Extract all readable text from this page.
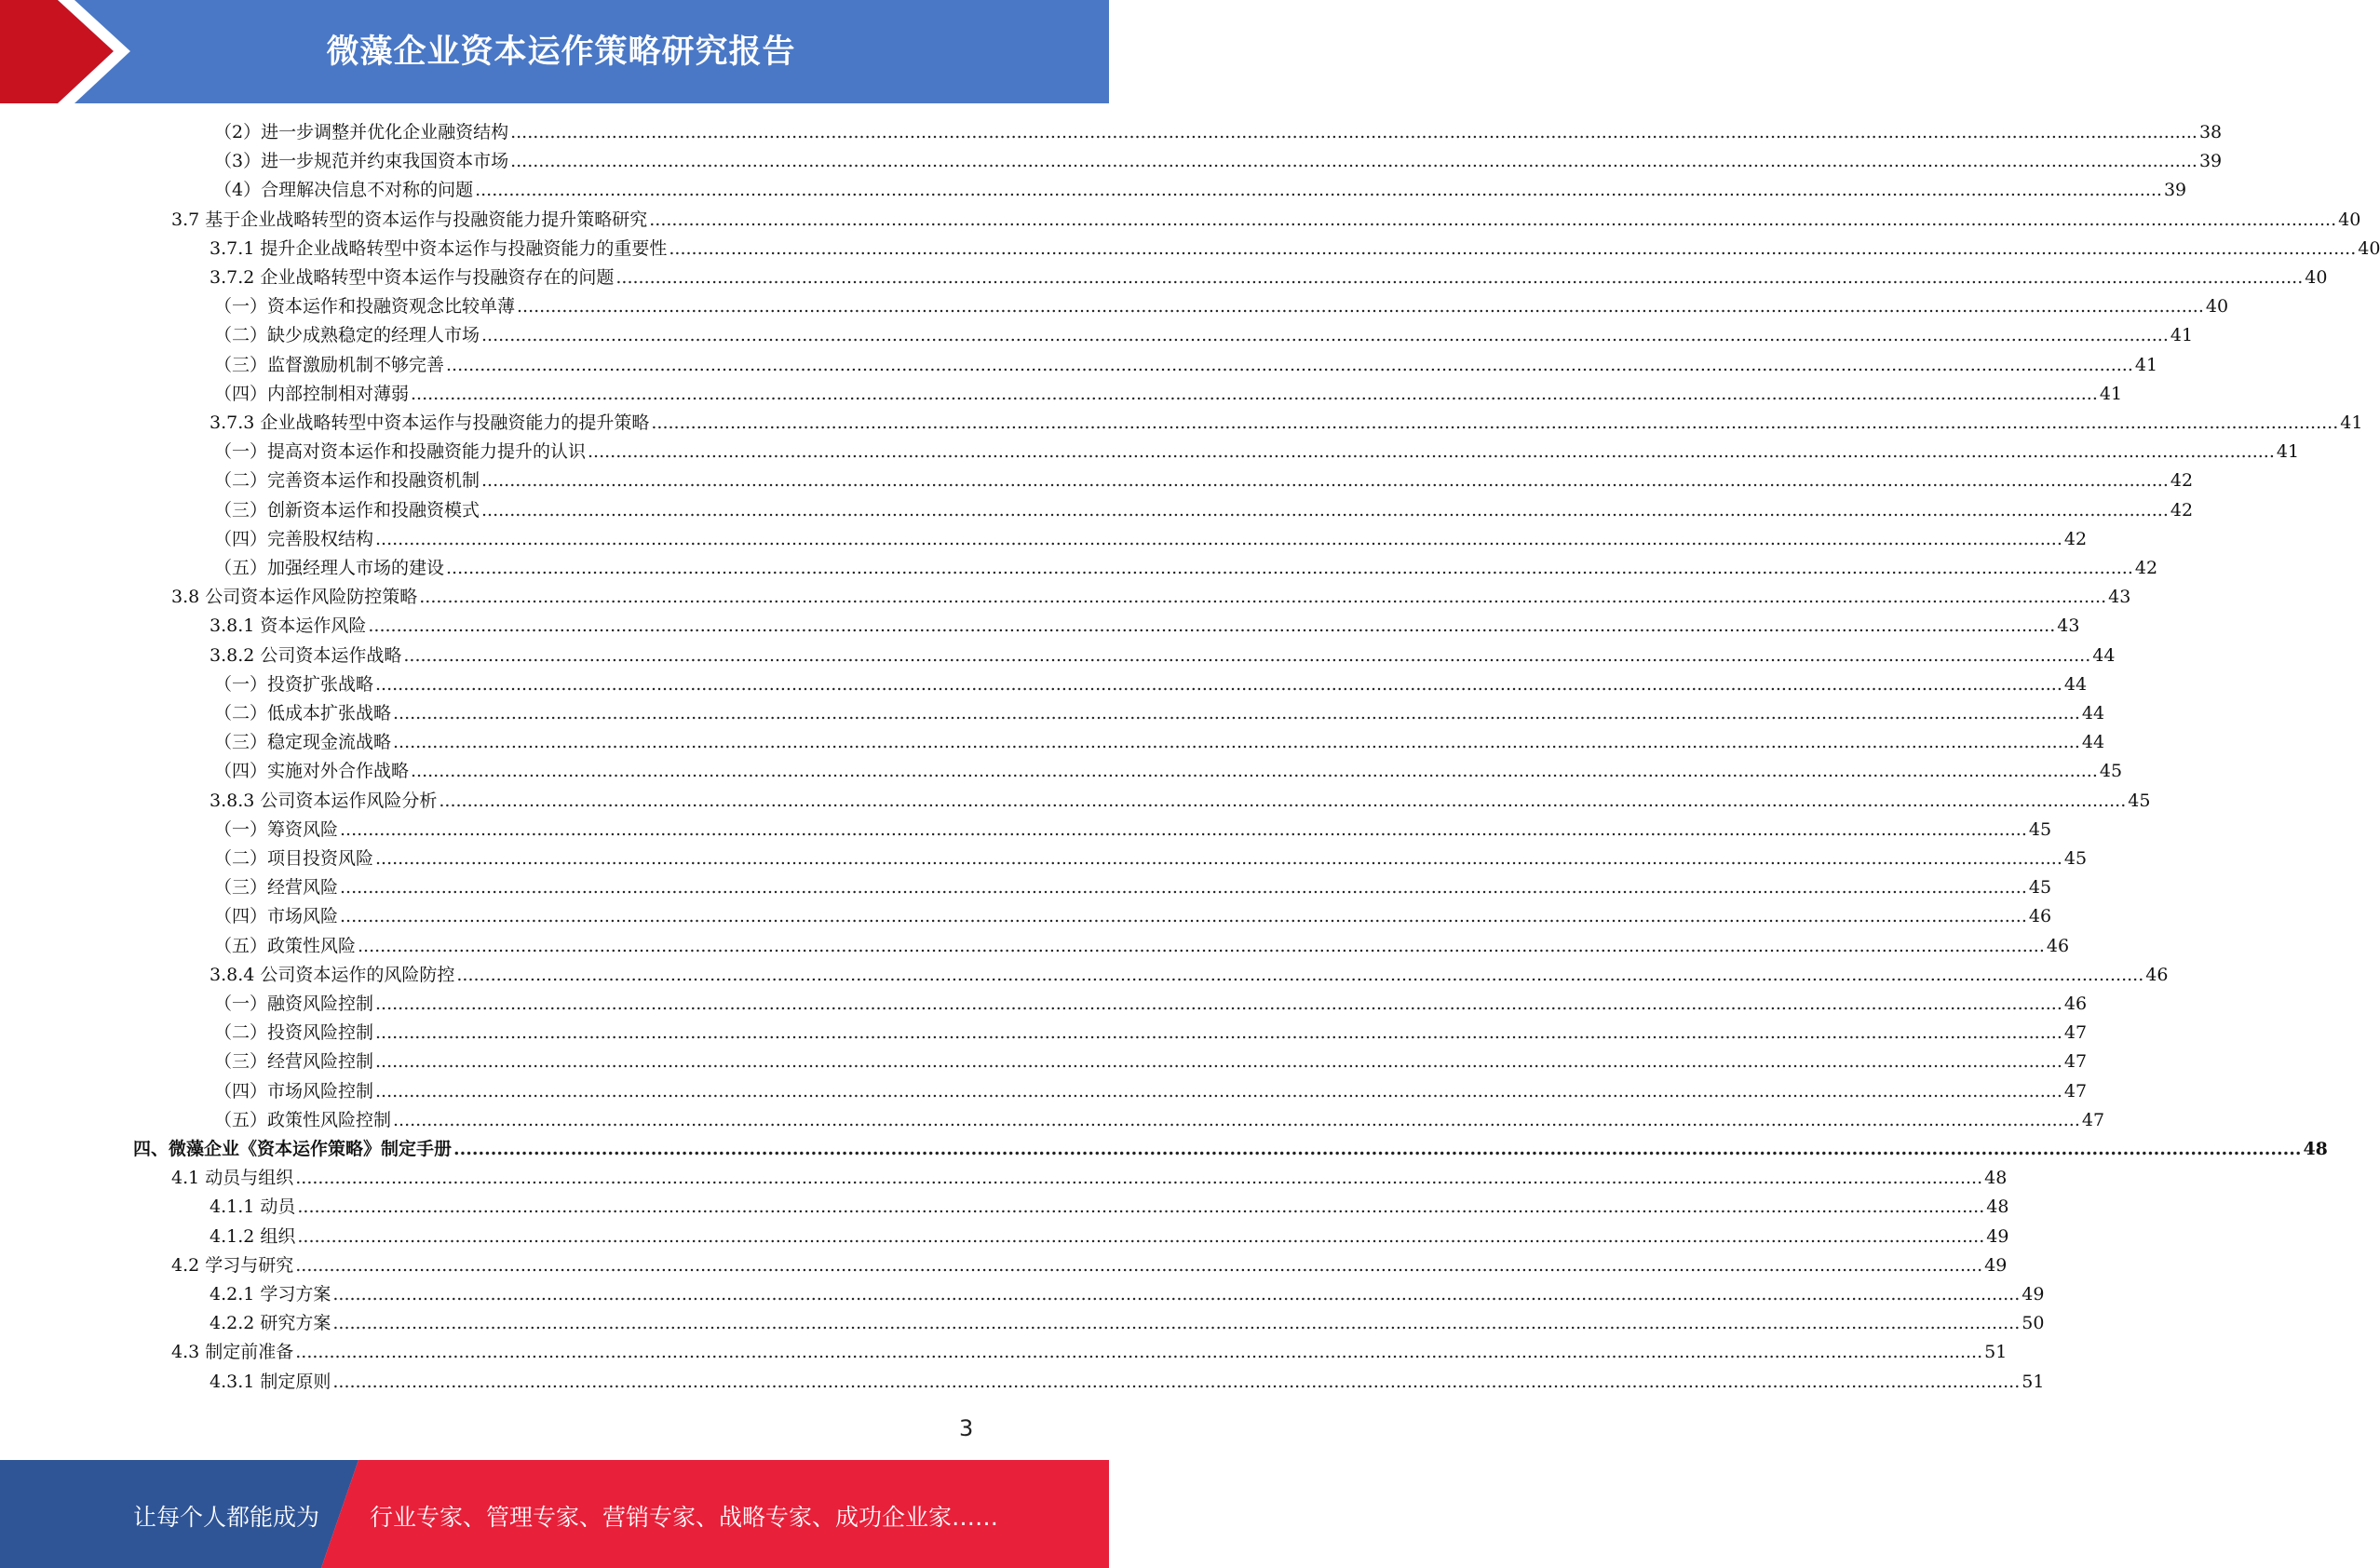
微藻企业资本运作策略研究报告
（2）进一步调整并优化企业融资结构 ............................................................................................................................................................................................................................................................................................................ 38
（3）进一步规范并约束我国资本市场 ............................................................................................................................................................................................................................................................................................................ 39
（4）合理解决信息不对称的问题 ............................................................................................................................................................................................................................................................................................................ 39
3.7 基于企业战略转型的资本运作与投融资能力提升策略研究 ............................................................................................................................................................................................................................................................................................................ 40
3.7.1 提升企业战略转型中资本运作与投融资能力的重要性 ............................................................................................................................................................................................................................................................................................................ 40
3.7.2 企业战略转型中资本运作与投融资存在的问题 ............................................................................................................................................................................................................................................................................................................ 40
（一）资本运作和投融资观念比较单薄 ............................................................................................................................................................................................................................................................................................................ 40
（二）缺少成熟稳定的经理人市场 ............................................................................................................................................................................................................................................................................................................ 41
（三）监督激励机制不够完善 ............................................................................................................................................................................................................................................................................................................ 41
（四）内部控制相对薄弱 ............................................................................................................................................................................................................................................................................................................ 41
3.7.3 企业战略转型中资本运作与投融资能力的提升策略 ............................................................................................................................................................................................................................................................................................................ 41
（一）提高对资本运作和投融资能力提升的认识 ............................................................................................................................................................................................................................................................................................................ 41
（二）完善资本运作和投融资机制 ............................................................................................................................................................................................................................................................................................................ 42
（三）创新资本运作和投融资模式 ............................................................................................................................................................................................................................................................................................................ 42
（四）完善股权结构 ............................................................................................................................................................................................................................................................................................................ 42
（五）加强经理人市场的建设 ............................................................................................................................................................................................................................................................................................................ 42
3.8 公司资本运作风险防控策略 ............................................................................................................................................................................................................................................................................................................ 43
3.8.1 资本运作风险 ............................................................................................................................................................................................................................................................................................................ 43
3.8.2 公司资本运作战略 ............................................................................................................................................................................................................................................................................................................ 44
（一）投资扩张战略 ............................................................................................................................................................................................................................................................................................................ 44
（二）低成本扩张战略 ............................................................................................................................................................................................................................................................................................................ 44
（三）稳定现金流战略 ............................................................................................................................................................................................................................................................................................................ 44
（四）实施对外合作战略 ............................................................................................................................................................................................................................................................................................................ 45
3.8.3 公司资本运作风险分析 ............................................................................................................................................................................................................................................................................................................ 45
（一）筹资风险 ............................................................................................................................................................................................................................................................................................................ 45
（二）项目投资风险 ............................................................................................................................................................................................................................................................................................................ 45
（三）经营风险 ............................................................................................................................................................................................................................................................................................................ 45
（四）市场风险 ............................................................................................................................................................................................................................................................................................................ 46
（五）政策性风险 ............................................................................................................................................................................................................................................................................................................ 46
3.8.4 公司资本运作的风险防控 ............................................................................................................................................................................................................................................................................................................ 46
（一）融资风险控制 ............................................................................................................................................................................................................................................................................................................ 46
（二）投资风险控制 ............................................................................................................................................................................................................................................................................................................ 47
（三）经营风险控制 ............................................................................................................................................................................................................................................................................................................ 47
（四）市场风险控制 ............................................................................................................................................................................................................................................................................................................ 47
（五）政策性风险控制 ............................................................................................................................................................................................................................................................................................................ 47
四、微藻企业《资本运作策略》制定手册 ............................................................................................................................................................................................................................................................................................................ 48
4.1 动员与组织 ............................................................................................................................................................................................................................................................................................................ 48
4.1.1 动员 ............................................................................................................................................................................................................................................................................................................ 48
4.1.2 组织 ............................................................................................................................................................................................................................................................................................................ 49
4.2 学习与研究 ............................................................................................................................................................................................................................................................................................................ 49
4.2.1 学习方案 ............................................................................................................................................................................................................................................................................................................ 49
4.2.2 研究方案 ............................................................................................................................................................................................................................................................................................................ 50
4.3 制定前准备 ............................................................................................................................................................................................................................................................................................................ 51
4.3.1 制定原则 ............................................................................................................................................................................................................................................................................................................ 51
3
让每个人都能成为 行业专家、管理专家、营销专家、战略专家、成功企业家……
